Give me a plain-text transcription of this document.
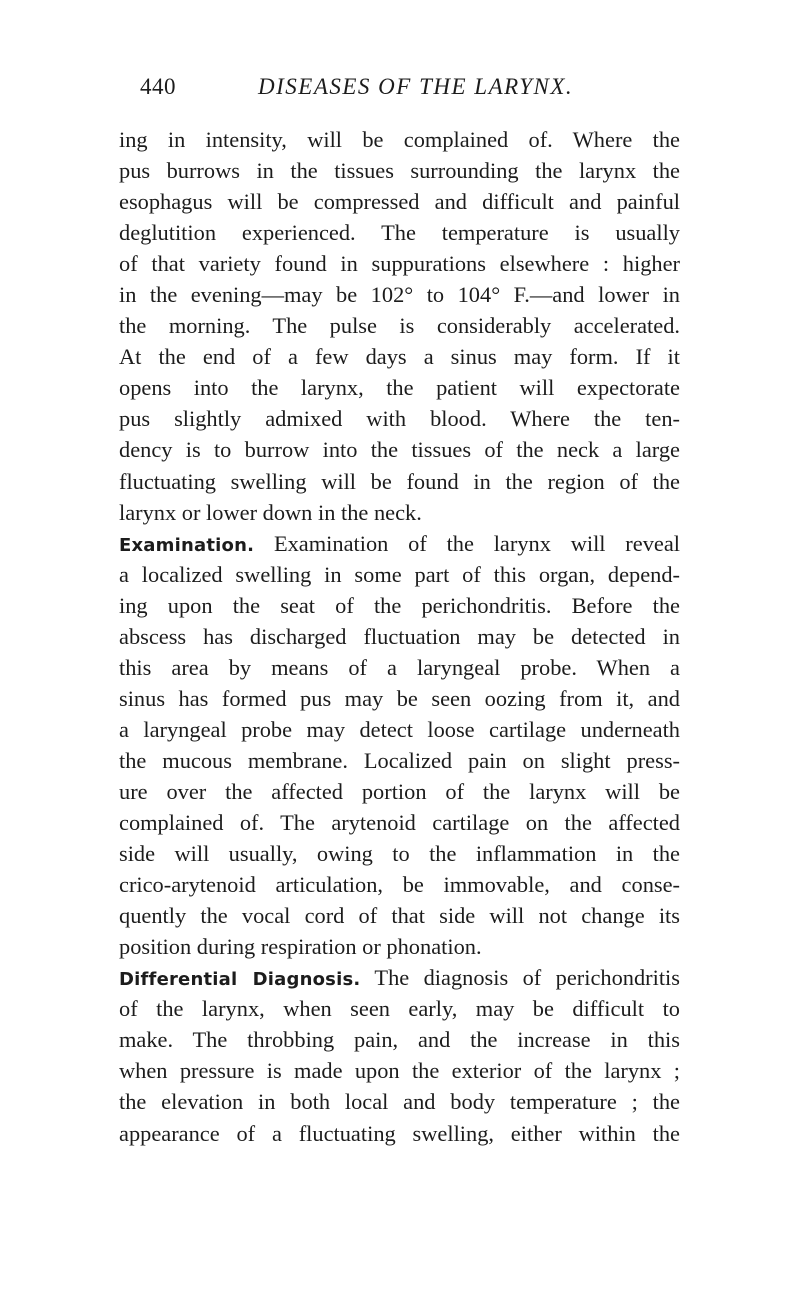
440	DISEASES OF THE LARYNX.
ing in intensity, will be complained of. Where the
pus burrows in the tissues surrounding the larynx the
esophagus will be compressed and difficult and painful
deglutition experienced. The temperature is usually
of that variety found in suppurations elsewhere : higher
in the evening—may be 102° to 104° F.—and lower in
the morning. The pulse is considerably accelerated.
At the end of a few days a sinus may form. If it
opens into the larynx, the patient will expectorate
pus slightly admixed with blood. Where the ten-
dency is to burrow into the tissues of the neck a large
fluctuating swelling will be found in the region of the
larynx or lower down in the neck.
Examination. Examination of the larynx will reveal
a localized swelling in some part of this organ, depend-
ing upon the seat of the perichondritis. Before the
abscess has discharged fluctuation may be detected in
this area by means of a laryngeal probe. When a
sinus has formed pus may be seen oozing from it, and
a laryngeal probe may detect loose cartilage underneath
the mucous membrane. Localized pain on slight press-
ure over the affected portion of the larynx will be
complained of. The arytenoid cartilage on the affected
side will usually, owing to the inflammation in the
crico-arytenoid articulation, be immovable, and conse-
quently the vocal cord of that side will not change its
position during respiration or phonation.
Differential Diagnosis. The diagnosis of perichondritis
of the larynx, when seen early, may be difficult to
make. The throbbing pain, and the increase in this
when pressure is made upon the exterior of the larynx ;
the elevation in both local and body temperature ; the
appearance of a fluctuating swelling, either within the
